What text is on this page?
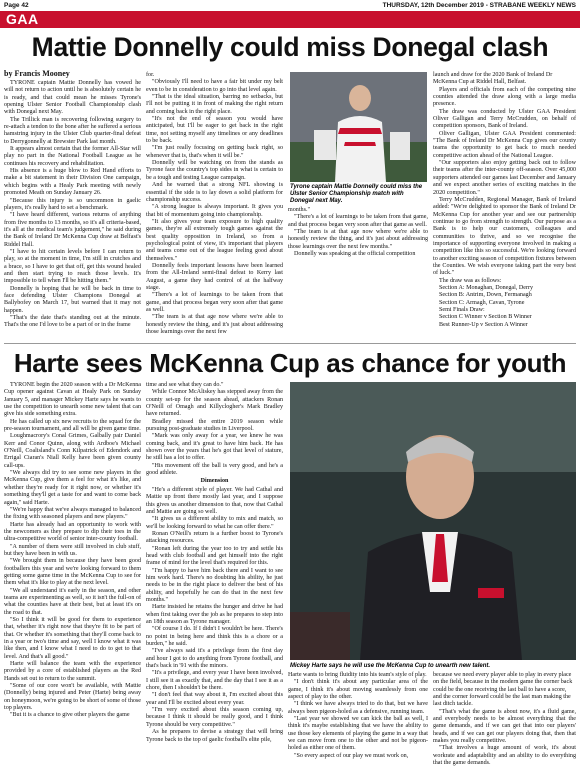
Page 42	THURSDAY, 12th December 2019 - STRABANE WEEKLY NEWS
GAA
Mattie Donnelly could miss Donegal clash
by Francis Mooney

TYRONE captain Mattie Donnelly has vowed he will not return to action until he is absolutely certain he is ready, and that could mean he misses Tyrone's opening Ulster Senior Football Championship clash with Donegal next May.

The Trillick man is recovering following surgery to re-attach a tendon to the bone after he suffered a serious hamstring injury in the Ulster Club quarter-final defeat to Derrygonnelly at Brewster Park last month.

It appears almost certain that the former All-Star will play no part in the National Football League as he continues his recovery and rehabilitation.

His absence is a huge blow to Red Hand efforts to make a bit statement in their Division One campaign, which begins with a Healy Park meeting with newly promoted Meath on Sunday January 26.

"Because this injury is so uncommon in gaelic players, it's really hard to set a benchmark.

"I have heard different, various returns of anything from five months to 13 months, so it's all criteria-based, it's all at the medical team's judgement," he said during the Bank of Ireland Dr McKenna Cup draw at Belfast's Riddel Hall.

"I have to hit certain levels before I can return to play, so at the moment in time, I'm still in crutches and a brace, so I have to get that off, get this wound healed and then start trying to reach those levels. It's impossible to tell when I'll be hitting them."

Donnelly is hoping that he will be back in time to face defending Ulster Champions Donegal at Ballybofey on March 17, but warned that it may not happen.

"That's the date that's standing out at the minute. That's the one I'd love to be a part of or in the frame

for.

"Obviously I'll need to have a fair bit under my belt even to be in consideration to go into that level again.

"That is the ideal situation, barring no setbacks, but I'll not be putting it in front of making the right return and coming back in the right place.

"It's not the end of season you would have anticipated, but I'll be eager to get back in the right time, not setting myself any timelines or any deadlines to be back.

"I'm just really focusing on getting back right, so whenever that is, that's when it will be."

Donnelly will be watching on from the stands as Tyrone face the country's top sides in what is certain to be a tough and testing League campaign.

And he warned that a strong NFL showing is essential if the side is to lay down a solid platform for championship success.

"A strong league is always important. It gives you that bit of momentum going into championship.

"It also gives your team exposure to high quality games, they're all extremely tough games against the best quality opposition in Ireland, so from a psychological point of view, it's important that players and teams come out of the league feeling good about themselves."

Donnelly feels important lessons have been learned from the All-Ireland semi-final defeat to Kerry last August, a game they had control of at the halfway stage.

"There's a lot of learnings to be taken from that game, and that process began very soon after that game as well.

"The team is at that age now where we're able to honestly review the thing, and it's just about addressing those learnings over the next few

Tyrone captain Mattie Donnelly could miss the Ulster Senior Championship match with Donegal next May.

months."

"There's a lot of learnings to be taken from that game, and that process began very soon after that game as well.

"The team is at that age now where we're able to honestly review the thing, and it's just about addressing those learnings over the next few months."

Donnelly was speaking at the official competition

launch and draw for the 2020 Bank of Ireland Dr McKenna Cup at Riddel Hall, Belfast.

Players and officials from each of the competing nine counties attended the draw along with a large media presence.

The draw was conducted by Ulster GAA President Oliver Galligan and Terry McCrudden, on behalf of competition sponsors, Bank of Ireland.

Oliver Galligan, Ulster GAA President commented: "The Bank of Ireland Dr McKenna Cup gives our county teams the opportunity to get back to much needed competitive action ahead of the National League.

"Our supporters also enjoy getting back out to follow their teams after the inter-county off-season. Over 45,000 supporters attended our games last December and January and we expect another series of exciting matches in the 2020 competition."

Terry McCrudden, Regional Manager, Bank of Ireland added: "We're delighted to sponsor the Bank of Ireland Dr McKenna Cup for another year and see our partnership continue to go from strength to strength. Our purpose as a Bank is to help our customers, colleagues and communities to thrive, and so we recognise the importance of supporting everyone involved in making a competition like this so successful. We're looking forward to another exciting season of competition fixtures between the Counties. We wish everyone taking part the very best of luck."

The draw was as follows:

Section A: Monaghan, Donegal, Derry

Section B: Antrim, Down, Fermanagh

Section C: Armagh, Cavan, Tyrone

Semi Finals Draw:

Section C Winner v Section B Winner

Best Runner-Up v Section A Winner

Harte sees McKenna Cup as chance for youth

TYRONE begin the 2020 season with a Dr McKenna Cup opener against Cavan at Healy Park on Sunday January 5, and manager Mickey Harte says he wants to use the competition to unearth some new talent that can give his side something extra.

He has called up six new recruits to the squad for the pre-season tournament, and all will be given game time.

Loughmacrory's Conal Grimes, Galbally pair Daniel Kerr and Conor Quinn, along with Ardboe's Michael O'Neill, Coalisland's Conn Kilpatrick of Edendork and Errigal Ciaran's Niall Kelly have been given county call-ups.

"We always did try to see some new players in the McKenna Cup, give them a feel for what it's like, and whether they're ready for it right now, or whether it's something they'll get a taste for and want to come back again," said Harte.

"We're happy that we've always managed to balanced the fixing with seasoned players and new players."

Harte has already had an opportunity to work with the newcomers as they prepare to dip their toes in the ultra-competitive world of senior inter-county football.

"A number of them were still involved in club stuff, but they have been in with us.

"We brought them in because they have been good footballers this year and we're looking forward to them getting some game time in the McKenna Cup to see for them what it's like to play at the next level.

"We all understand it's early in the season, and other teams are experimenting as well, so it isn't the full-on of what the counties have at their best, but at least it's on the road to that.

"So I think it will be good for them to experience that, whether it's right now that they're fit to be part of that. Or whether it's something that they'll come back to in a year or two's time and say, well I know what it was like then, and I know what I need to do to get to that level. And that's all good."

Harte will balance the team with the experience provided by a core of established players as the Red Hands set out to return to the summit.

"Some of our core won't be available, with Mattie (Donnelly) being injured and Peter (Harte) being away on honeymoon, we're going to be short of some of those top players.

"But it is a chance to give other players the game

time and see what they can do."

While Connor McAliskey has stepped away from the county set-up for the season ahead, attackers Ronan O'Neill of Omagh and Killyclogher's Mark Bradley have returned.

Bradley missed the entire 2019 season while pursuing post-graduate studies in Liverpool.

"Mark was only away for a year, we knew he was coming back, and it's great to have him back. He has shown over the years that he's got that level of stature, he still has a lot to offer.

"His movement off the ball is very good, and he's a good athlete.

Dimension

"He's a different style of player. We had Cathal and Mattie up front there mostly last year, and I suppose this gives us another dimension to that, now that Cathal and Mattie are going so well.

"It gives us a different ability to mix and match, so we'll be looking forward to what he can offer there."

Ronan O'Neill's return is a further boost to Tyrone's attacking resources.

"Ronan left during the year too to try and settle his head with club football and get himself into the right frame of mind for the level that's required for this.

"I'm happy to have him back there and I want to see him work hard. There's no doubting his ability, he just needs to be in the right place to deliver the best of his ability, and hopefully he can do that in the next few months."

Harte insisted he retains the hunger and drive he had when first taking over the job as he prepares to step into an 18th season as Tyrone manager.

"Of course I do. If I didn't I wouldn't be here. There's no point in being here and think this is a chore or a burden," he said.

"I've always said it's a privilege from the first day and hour I got to do anything from Tyrone football, and that's back in '91 with the minors.

"It's a privilege, and every year I have been involved, I still see it as exactly that, and the day that I see it as a chore, then I shouldn't be there.

"I don't feel that way about it, I'm excited about this year and I'll be excited about every year.

"I'm very excited about this season coming up, because I think it should be really good, and I think Tyrone should be very competitive."

As he prepares to devise a strategy that will bring Tyrone back to the top of gaelic football's elite pile,

Mickey Harte says he will use the McKenna Cup to unearth new talent.

Harte wants to bring fluidity into his team's style of play.

"I don't think it's about any particular area of the game, I think it's about moving seamlessly from one aspect of play to the other.

"I think we have always tried to do that, but we have always been pigeon-holed as a defensive, running team.

"Last year we showed we can kick the ball as well, I think it's maybe establishing that we have the ability to use those key elements of playing the game in a way that we can move from one to the other and not be pigeon-holed as either one of them.

"So every aspect of our play we must work on,

because we need every player able to play in every place on the field, because in the modern game the corner back could be the one receiving the last ball to have a score, and the corner forward could be the last man making the last ditch tackle.

"That's what the game is about now, it's a fluid game, and everybody needs to be almost everything that the game demands, and if we can get that into our players' heads, and if we can get our players doing that, then that makes you really competitive.

"That involves a huge amount of work, it's about workrate and adaptability and an ability to do everything that the game demands.
